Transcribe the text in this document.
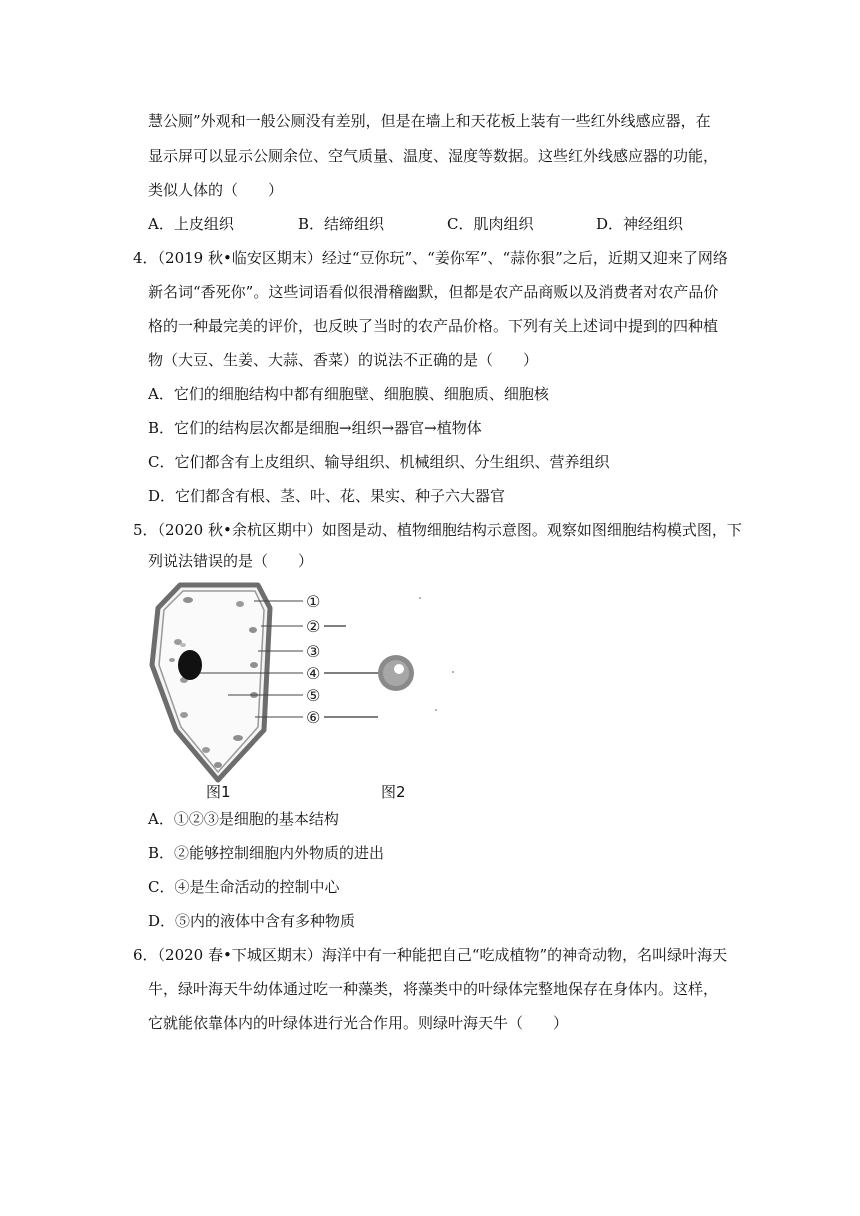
慧公厕”外观和一般公厕没有差别，但是在墙上和天花板上装有一些红外线感应器，在
显示屏可以显示公厕余位、空气质量、温度、湿度等数据。这些红外线感应器的功能，
类似人体的（　　）
A．上皮组织	B．结缔组织	C．肌肉组织	D．神经组织
4．（2019 秋•临安区期末）经过“豆你玩”、“姜你军”、“蒜你狠”之后，近期又迎来了网络
新名词“香死你”。这些词语看似很滑稽幽默，但都是农产品商贩以及消费者对农产品价
格的一种最完美的评价，也反映了当时的农产品价格。下列有关上述词中提到的四种植
物（大豆、生姜、大蒜、香菜）的说法不正确的是（　　）
A．它们的细胞结构中都有细胞壁、细胞膜、细胞质、细胞核
B．它们的结构层次都是细胞→组织→器官→植物体
C．它们都含有上皮组织、输导组织、机械组织、分生组织、营养组织
D．它们都含有根、茎、叶、花、果实、种子六大器官
5．（2020 秋•余杭区期中）如图是动、植物细胞结构示意图。观察如图细胞结构模式图，下
列说法错误的是（　　）
①
②
③
④
⑤
⑥
图1	图2
A．①②③是细胞的基本结构
B．②能够控制细胞内外物质的进出
C．④是生命活动的控制中心
D．⑤内的液体中含有多种物质
6．（2020 春•下城区期末）海洋中有一种能把自己“吃成植物”的神奇动物，名叫绿叶海天
牛，绿叶海天牛幼体通过吃一种藻类，将藻类中的叶绿体完整地保存在身体内。这样，
它就能依靠体内的叶绿体进行光合作用。则绿叶海天牛（　　）
